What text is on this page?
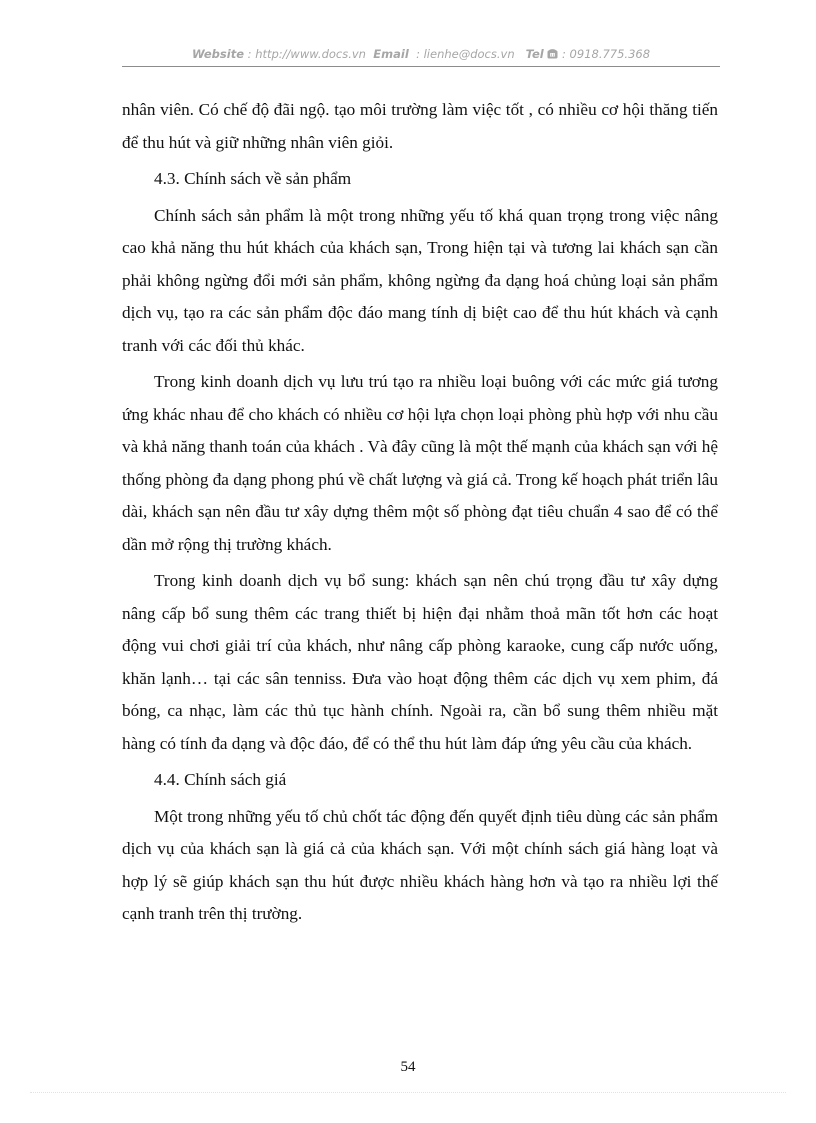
Website : http://www.docs.vn Email : lienhe@docs.vn Tel : 0918.775.368

nhân viên. Có chế độ đãi ngộ. tạo môi trường làm việc tốt , có nhiều cơ hội thăng tiến để thu hút và giữ những nhân viên giỏi.

4.3. Chính sách về sản phẩm

Chính sách sản phẩm là một trong những yếu tố khá quan trọng trong việc nâng cao khả năng thu hút khách của khách sạn, Trong hiện tại và tương lai khách sạn cần phải không ngừng đổi mới sản phẩm, không ngừng đa dạng hoá chủng loại sản phẩm dịch vụ, tạo ra các sản phẩm độc đáo mang tính dị biệt cao để thu hút khách và cạnh tranh với các đối thủ khác.

Trong kinh doanh dịch vụ lưu trú tạo ra nhiều loại buông với các mức giá tương ứng khác nhau để cho khách có nhiều cơ hội lựa chọn loại phòng phù hợp với nhu cầu và khả năng thanh toán của khách . Và đây cũng là một thế mạnh của khách sạn với hệ thống phòng đa dạng phong phú về chất lượng và giá cả. Trong kế hoạch phát triển lâu dài, khách sạn nên đầu tư xây dựng thêm một số phòng đạt tiêu chuẩn 4 sao để có thể dần mở rộng thị trường khách.

Trong kinh doanh dịch vụ bổ sung: khách sạn nên chú trọng đầu tư xây dựng nâng cấp bổ sung thêm các trang thiết bị hiện đại nhằm thoả mãn tốt hơn các hoạt động vui chơi giải trí của khách, như nâng cấp phòng karaoke, cung cấp nước uống, khăn lạnh… tại các sân tenniss. Đưa vào hoạt động thêm các dịch vụ xem phim, đá bóng, ca nhạc, làm các thủ tục hành chính. Ngoài ra, cần bổ sung thêm nhiều mặt hàng có tính đa dạng và độc đáo, để có thể thu hút làm đáp ứng yêu cầu của khách.

4.4. Chính sách giá

Một trong những yếu tố chủ chốt tác động đến quyết định tiêu dùng các sản phẩm dịch vụ của khách sạn là giá cả của khách sạn. Với một chính sách giá hàng loạt và hợp lý sẽ giúp khách sạn thu hút được nhiều khách hàng hơn và tạo ra nhiều lợi thế cạnh tranh trên thị trường.

54
